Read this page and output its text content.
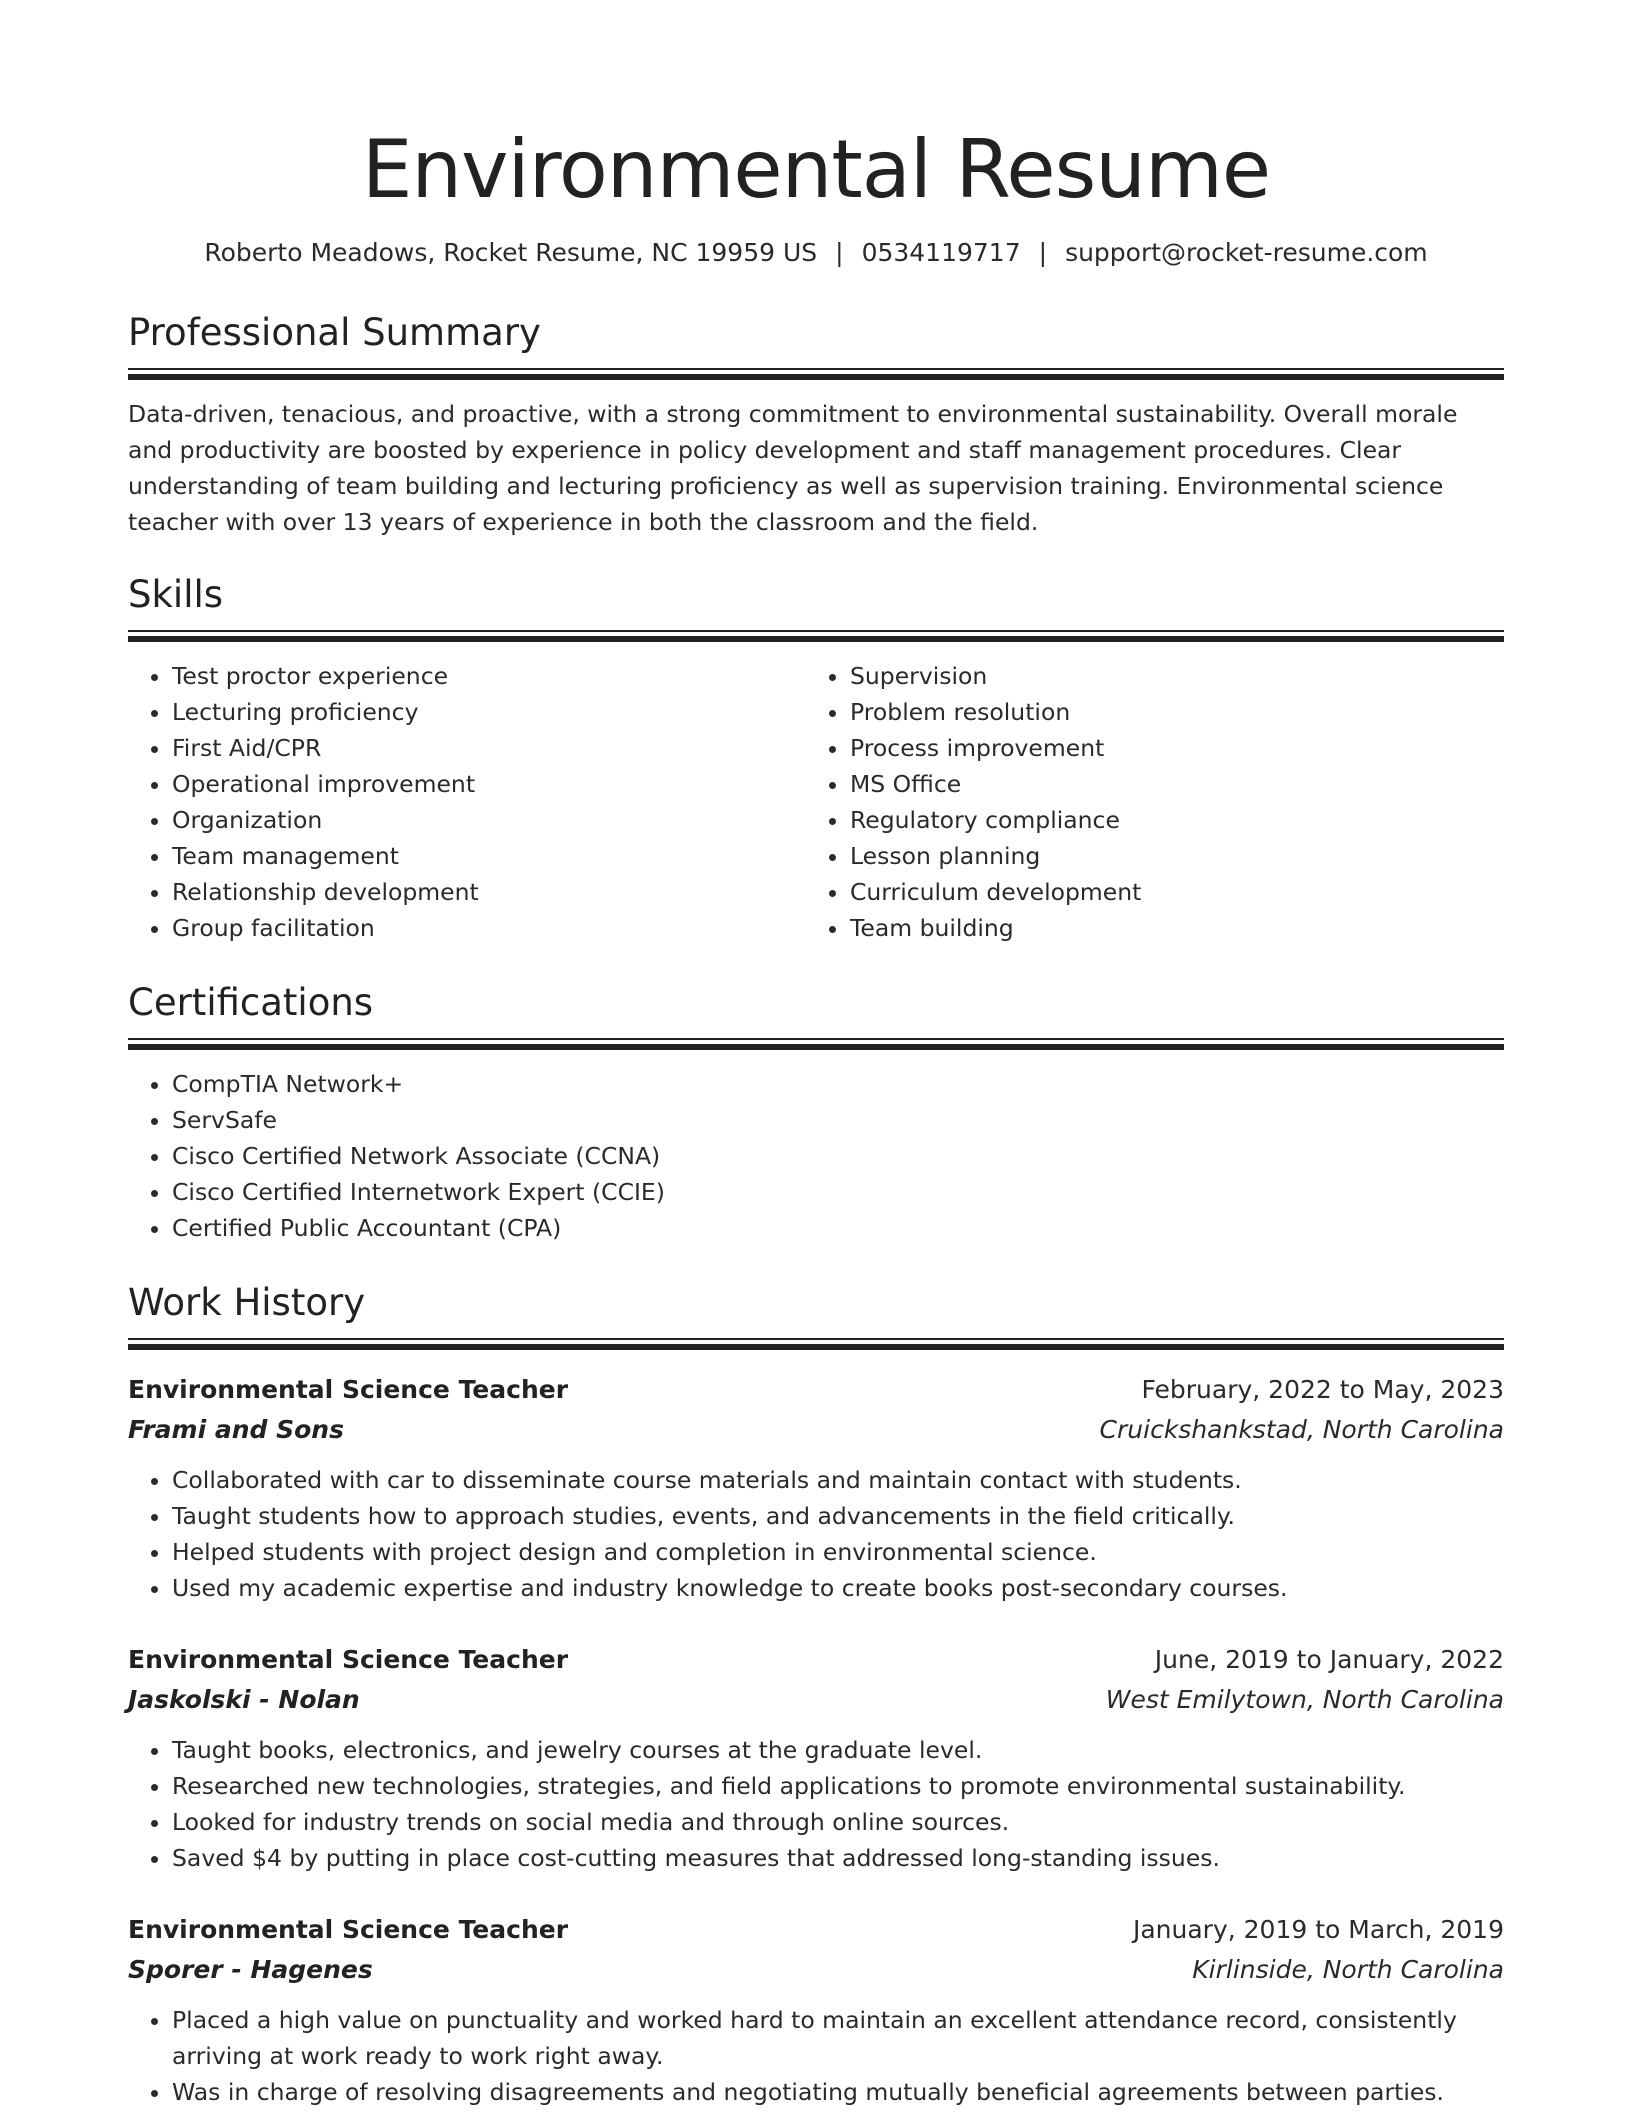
Environmental Resume
Roberto Meadows, Rocket Resume, NC 19959 US | 0534119717 | support@rocket-resume.com
Professional Summary
Data-driven, tenacious, and proactive, with a strong commitment to environmental sustainability. Overall morale and productivity are boosted by experience in policy development and staff management procedures. Clear understanding of team building and lecturing proficiency as well as supervision training. Environmental science teacher with over 13 years of experience in both the classroom and the field.
Skills
• Test proctor experience
• Lecturing proficiency
• First Aid/CPR
• Operational improvement
• Organization
• Team management
• Relationship development
• Group facilitation
• Supervision
• Problem resolution
• Process improvement
• MS Office
• Regulatory compliance
• Lesson planning
• Curriculum development
• Team building
Certifications
• CompTIA Network+
• ServSafe
• Cisco Certified Network Associate (CCNA)
• Cisco Certified Internetwork Expert (CCIE)
• Certified Public Accountant (CPA)
Work History
Environmental Science Teacher	February, 2022 to May, 2023
Frami and Sons	Cruickshankstad, North Carolina
• Collaborated with car to disseminate course materials and maintain contact with students.
• Taught students how to approach studies, events, and advancements in the field critically.
• Helped students with project design and completion in environmental science.
• Used my academic expertise and industry knowledge to create books post-secondary courses.
Environmental Science Teacher	June, 2019 to January, 2022
Jaskolski - Nolan	West Emilytown, North Carolina
• Taught books, electronics, and jewelry courses at the graduate level.
• Researched new technologies, strategies, and field applications to promote environmental sustainability.
• Looked for industry trends on social media and through online sources.
• Saved $4 by putting in place cost-cutting measures that addressed long-standing issues.
Environmental Science Teacher	January, 2019 to March, 2019
Sporer - Hagenes	Kirlinside, North Carolina
• Placed a high value on punctuality and worked hard to maintain an excellent attendance record, consistently arriving at work ready to work right away.
• Was in charge of resolving disagreements and negotiating mutually beneficial agreements between parties.
